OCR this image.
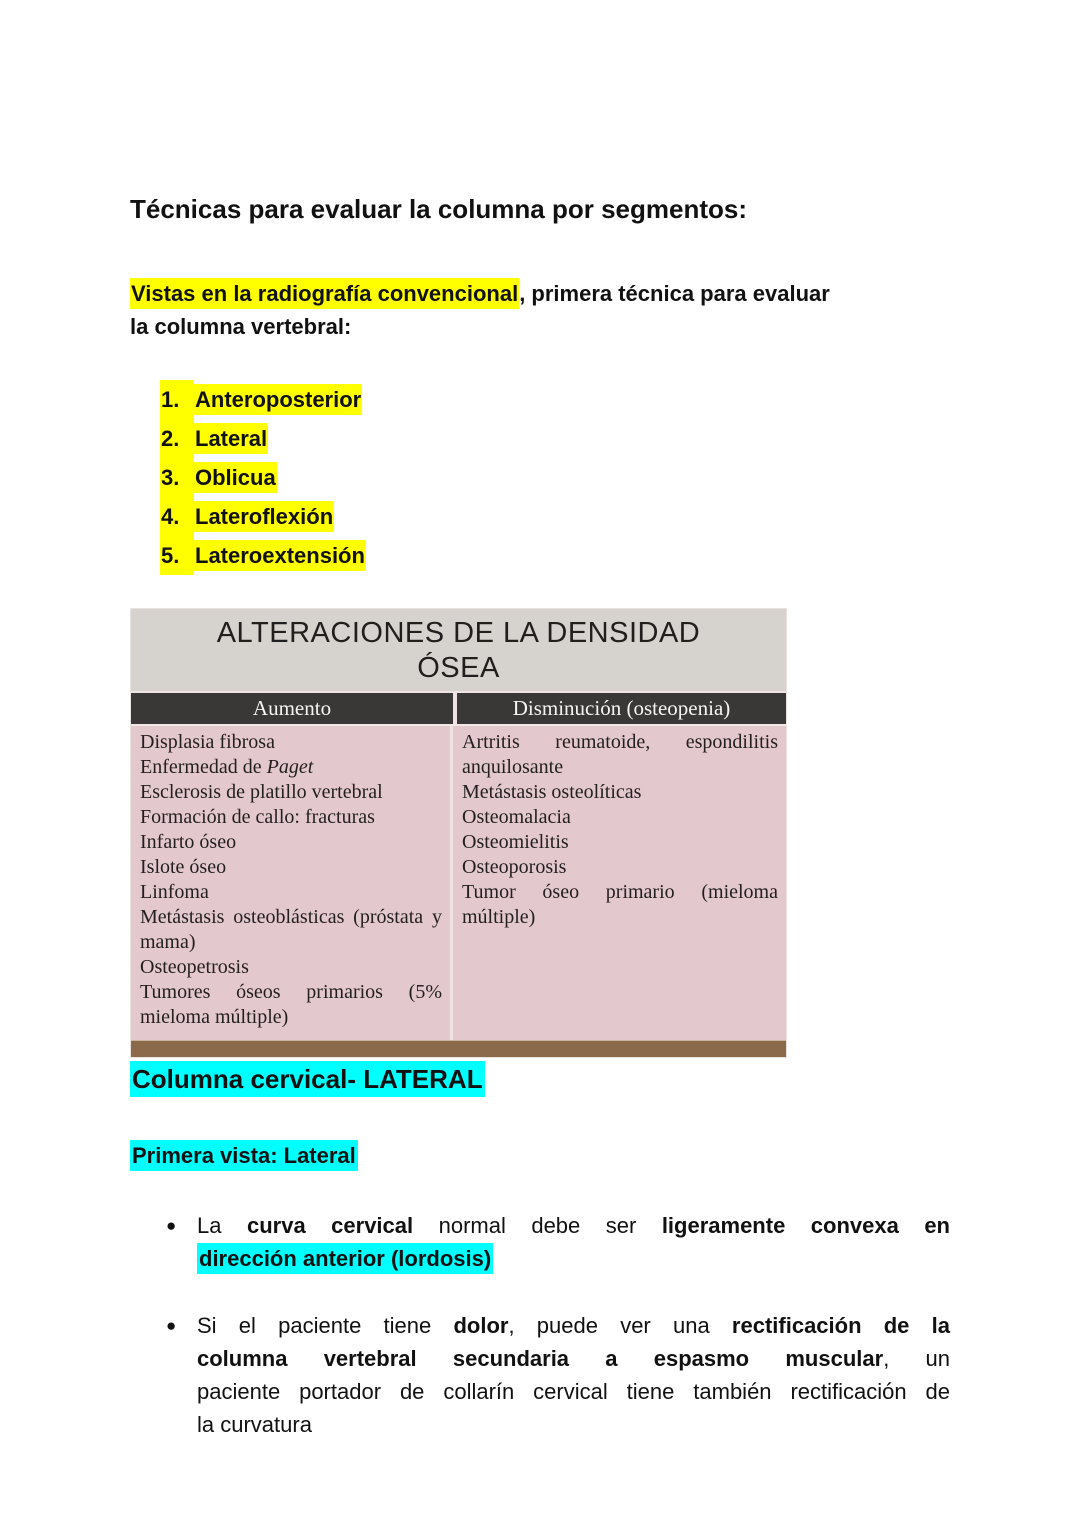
Técnicas para evaluar la columna por segmentos:
Vistas en la radiografía convencional, primera técnica para evaluar
la columna vertebral:
1. Anteroposterior
2. Lateral
3. Oblicua
4. Lateroflexión
5. Lateroextensión
ALTERACIONES DE LA DENSIDAD
ÓSEA
Aumento	Disminución (osteopenia)
Displasia fibrosa
Enfermedad de Paget
Esclerosis de platillo vertebral
Formación de callo: fracturas
Infarto óseo
Islote óseo
Linfoma
Metástasis osteoblásticas (próstata y
mama)
Osteopetrosis
Tumores óseos primarios (5%
mieloma múltiple)
Artritis reumatoide, espondilitis
anquilosante
Metástasis osteolíticas
Osteomalacia
Osteomielitis
Osteoporosis
Tumor óseo primario (mieloma
múltiple)
Columna cervical- LATERAL
Primera vista: Lateral
● La curva cervical normal debe ser ligeramente convexa en
dirección anterior (lordosis)
● Si el paciente tiene dolor, puede ver una rectificación de la
columna vertebral secundaria a espasmo muscular, un
paciente portador de collarín cervical tiene también rectificación de
la curvatura
